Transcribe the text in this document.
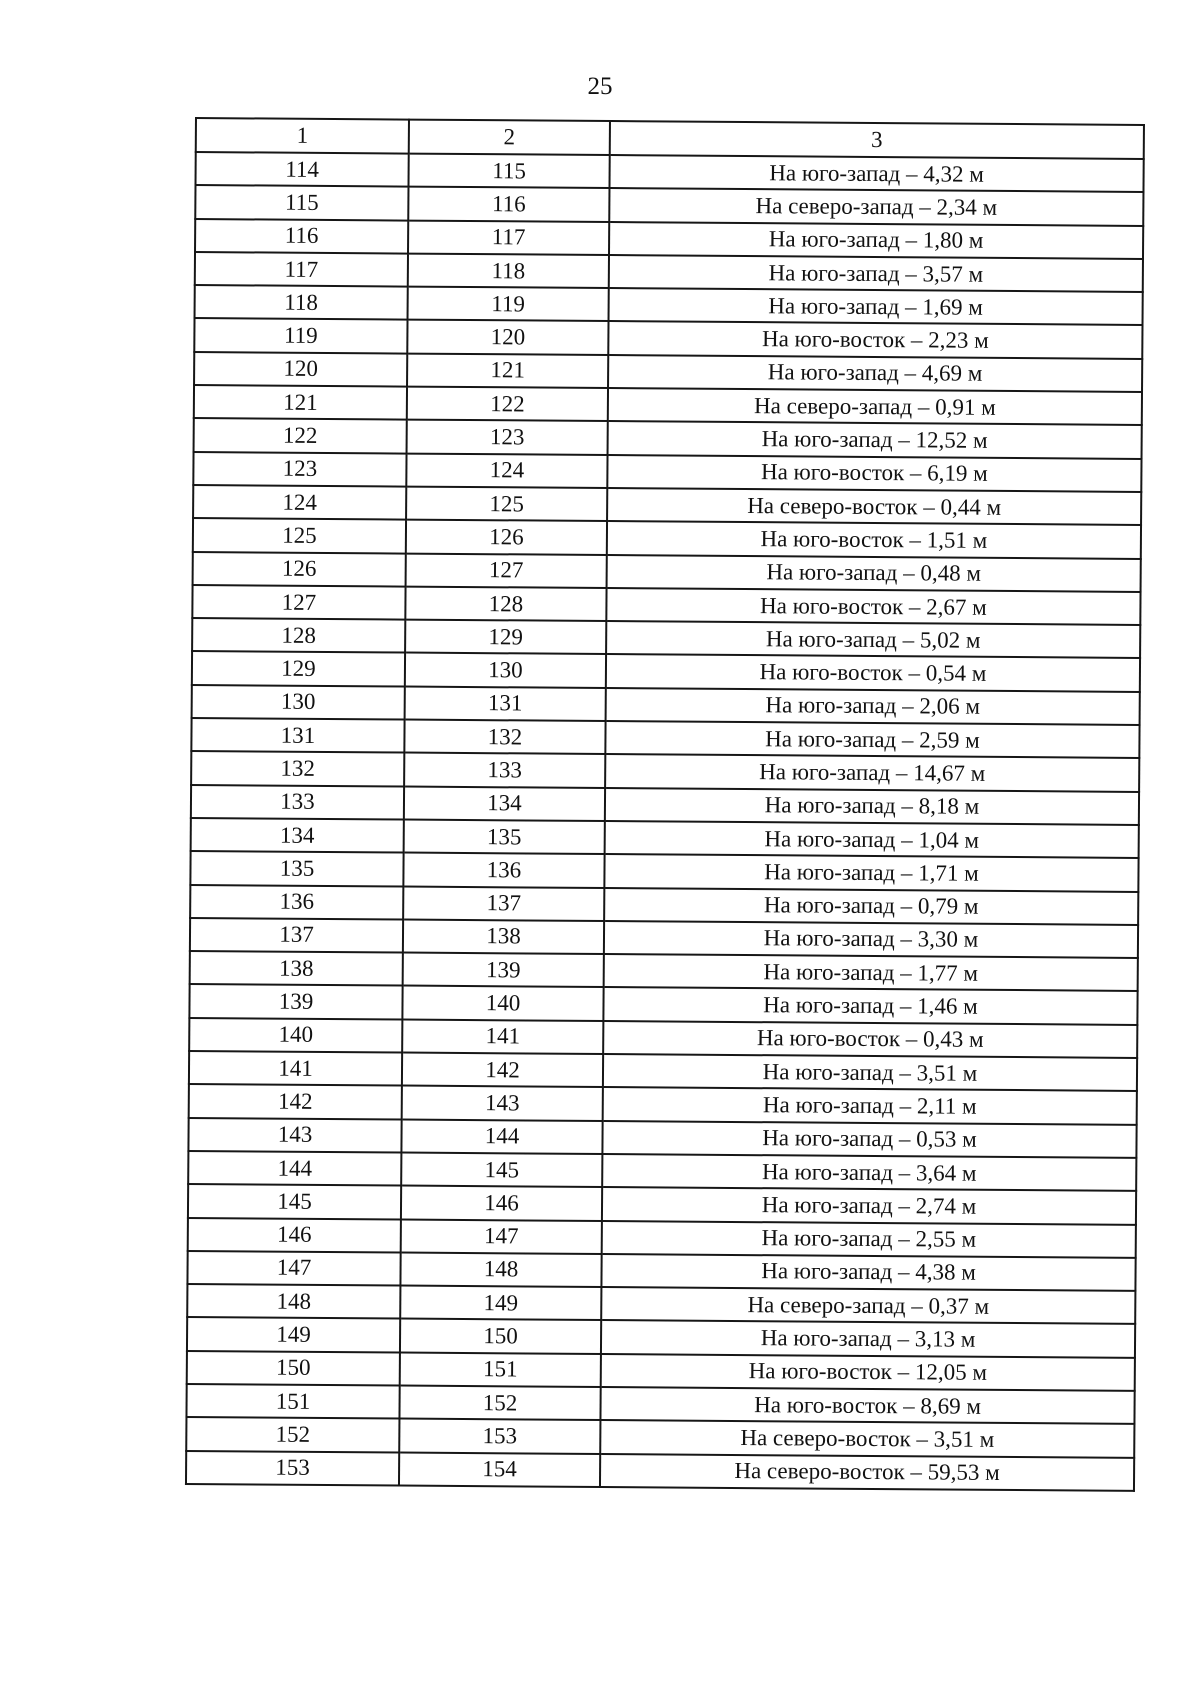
25
1	2	3
114	115	На юго-запад – 4,32 м
115	116	На северо-запад – 2,34 м
116	117	На юго-запад – 1,80 м
117	118	На юго-запад – 3,57 м
118	119	На юго-запад – 1,69 м
119	120	На юго-восток – 2,23 м
120	121	На юго-запад – 4,69 м
121	122	На северо-запад – 0,91 м
122	123	На юго-запад – 12,52 м
123	124	На юго-восток – 6,19 м
124	125	На северо-восток – 0,44 м
125	126	На юго-восток – 1,51 м
126	127	На юго-запад – 0,48 м
127	128	На юго-восток – 2,67 м
128	129	На юго-запад – 5,02 м
129	130	На юго-восток – 0,54 м
130	131	На юго-запад – 2,06 м
131	132	На юго-запад – 2,59 м
132	133	На юго-запад – 14,67 м
133	134	На юго-запад – 8,18 м
134	135	На юго-запад – 1,04 м
135	136	На юго-запад – 1,71 м
136	137	На юго-запад – 0,79 м
137	138	На юго-запад – 3,30 м
138	139	На юго-запад – 1,77 м
139	140	На юго-запад – 1,46 м
140	141	На юго-восток – 0,43 м
141	142	На юго-запад – 3,51 м
142	143	На юго-запад – 2,11 м
143	144	На юго-запад – 0,53 м
144	145	На юго-запад – 3,64 м
145	146	На юго-запад – 2,74 м
146	147	На юго-запад – 2,55 м
147	148	На юго-запад – 4,38 м
148	149	На северо-запад – 0,37 м
149	150	На юго-запад – 3,13 м
150	151	На юго-восток – 12,05 м
151	152	На юго-восток – 8,69 м
152	153	На северо-восток – 3,51 м
153	154	На северо-восток – 59,53 м
